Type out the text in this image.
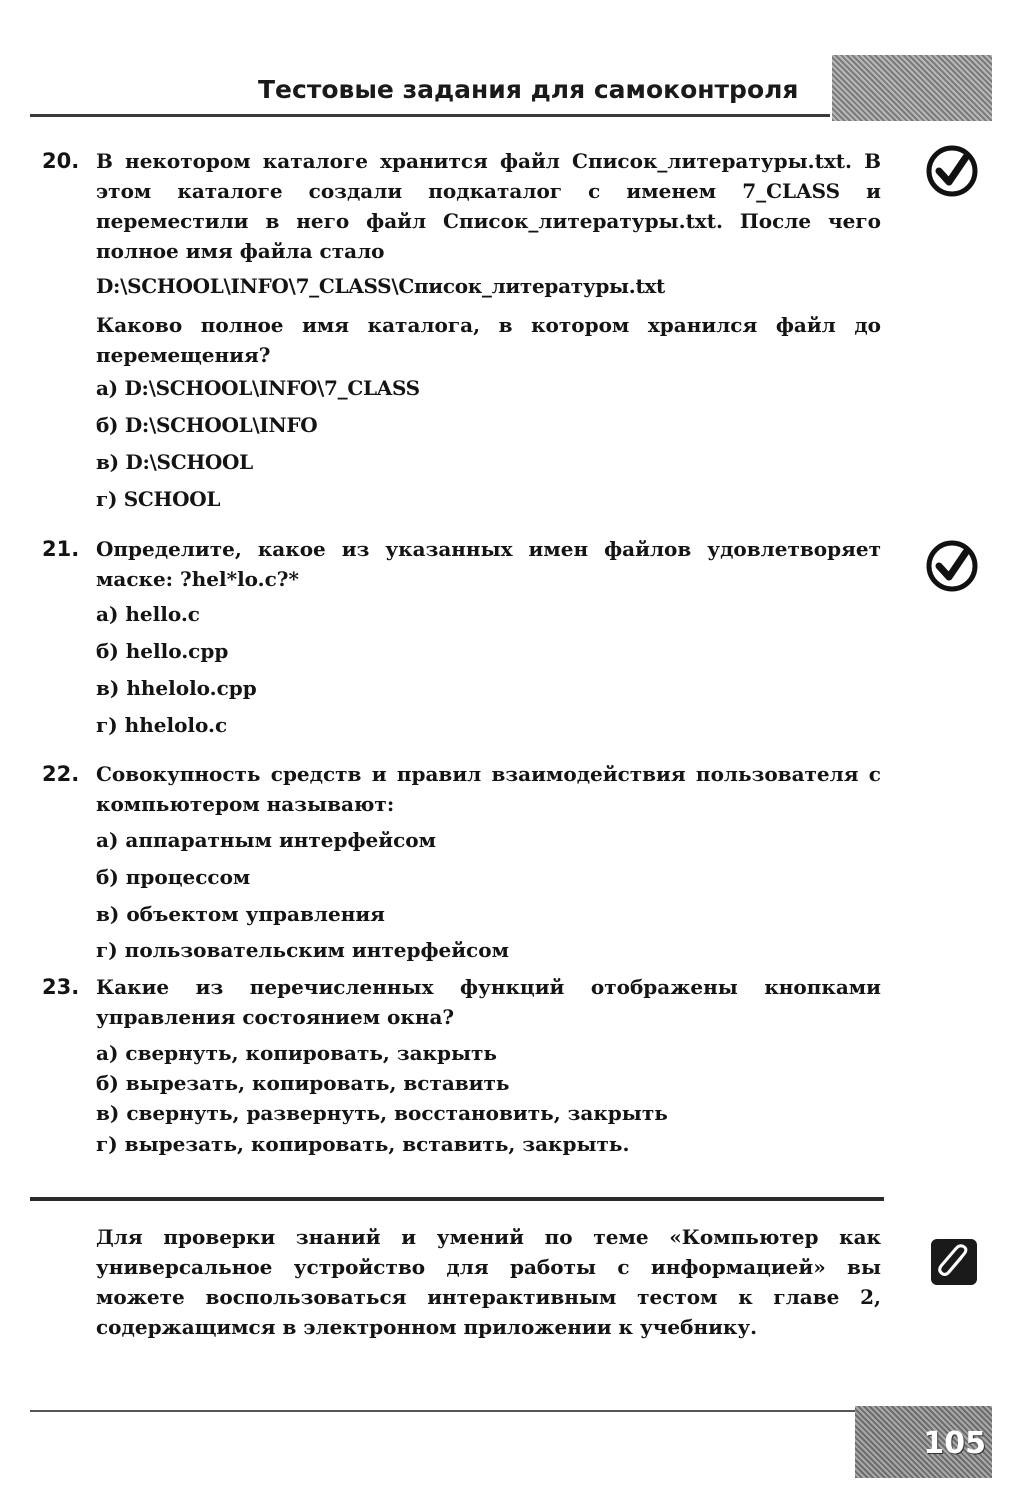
Тестовые задания для самоконтроля
20. В некотором каталоге хранится файл Список_литературы.txt. В этом каталоге создали подкаталог с именем 7_CLASS и переместили в него файл Список_литературы.txt. После чего полное имя файла стало

D:\SCHOOL\INFO\7_CLASS\Список_литературы.txt

Каково полное имя каталога, в котором хранился файл до перемещения?

а) D:\SCHOOL\INFO\7_CLASS
б) D:\SCHOOL\INFO
в) D:\SCHOOL
г) SCHOOL
21. Определите, какое из указанных имен файлов удовлетворяет маске: ?hel*lo.c?*

а) hello.c
б) hello.cpp
в) hhelolo.cpp
г) hhelolo.c
22. Совокупность средств и правил взаимодействия пользователя с компьютером называют:

а) аппаратным интерфейсом
б) процессом
в) объектом управления
г) пользовательским интерфейсом
23. Какие из перечисленных функций отображены кнопками управления состоянием окна?

а) свернуть, копировать, закрыть
б) вырезать, копировать, вставить
в) свернуть, развернуть, восстановить, закрыть
г) вырезать, копировать, вставить, закрыть.

Для проверки знаний и умений по теме «Компьютер как универсальное устройство для работы с информацией» вы можете воспользоваться интерактивным тестом к главе 2, содержащимся в электронном приложении к учебнику.

105
